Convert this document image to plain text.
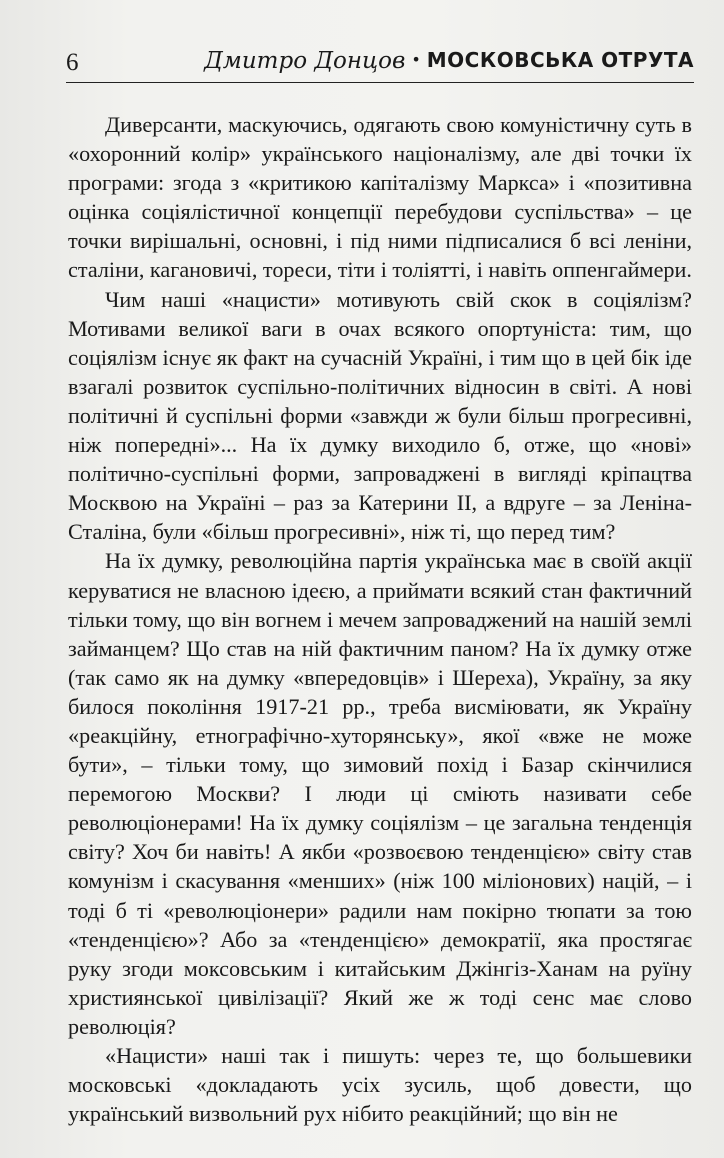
6	Дмитро Донцов • МОСКОВСЬКА ОТРУТА

Диверсанти, маскуючись, одягають свою комуністичну суть в «охоронний колір» українського націоналізму, але дві точки їх програми: згода з «критикою капіталізму Маркса» і «позитивна оцінка соціялістичної концепції перебудови суспільства» – це точки вирішальні, основні, і під ними підписалися б всі леніни, сталіни, кагановичі, тореси, тіти і толіятті, і навіть оппенгаймери.

Чим наші «нацисти» мотивують свій скок в соціялізм? Мотивами великої ваги в очах всякого опортуніста: тим, що соціялізм існує як факт на сучасній Україні, і тим що в цей бік іде взагалі розвиток суспільно-політичних відносин в світі. А нові політичні й суспільні форми «завжди ж були більш прогресивні, ніж попередні»... На їх думку виходило б, отже, що «нові» політично-суспільні форми, запроваджені в вигляді кріпацтва Москвою на Україні – раз за Катерини II, а вдруге – за Леніна-Сталіна, були «більш прогресивні», ніж ті, що перед тим?

На їх думку, революційна партія українська має в своїй акції керуватися не власною ідеєю, а приймати всякий стан фактичний тільки тому, що він вогнем і мечем запроваджений на нашій землі займанцем? Що став на ній фактичним паном? На їх думку отже (так само як на думку «впередовців» і Шереха), Україну, за яку билося покоління 1917-21 рр., треба висміювати, як Україну «реакційну, етнографічно-хуторянську», якої «вже не може бути», – тільки тому, що зимовий похід і Базар скінчилися перемогою Москви? І люди ці сміють називати себе революціонерами! На їх думку соціялізм – це загальна тенденція світу? Хоч би навіть! А якби «розвоєвою тенденцією» світу став комунізм і скасування «менших» (ніж 100 міліонових) націй, – і тоді б ті «революціонери» радили нам покірно тюпати за тою «тенденцією»? Або за «тенденцією» демократії, яка простягає руку згоди моксовським і китайським Джінгіз-Ханам на руїну християнської цивілізації? Який же ж тоді сенс має слово революція?

«Нацисти» наші так і пишуть: через те, що большевики московські «докладають усіх зусиль, щоб довести, що український визвольний рух нібито реакційний; що він не
